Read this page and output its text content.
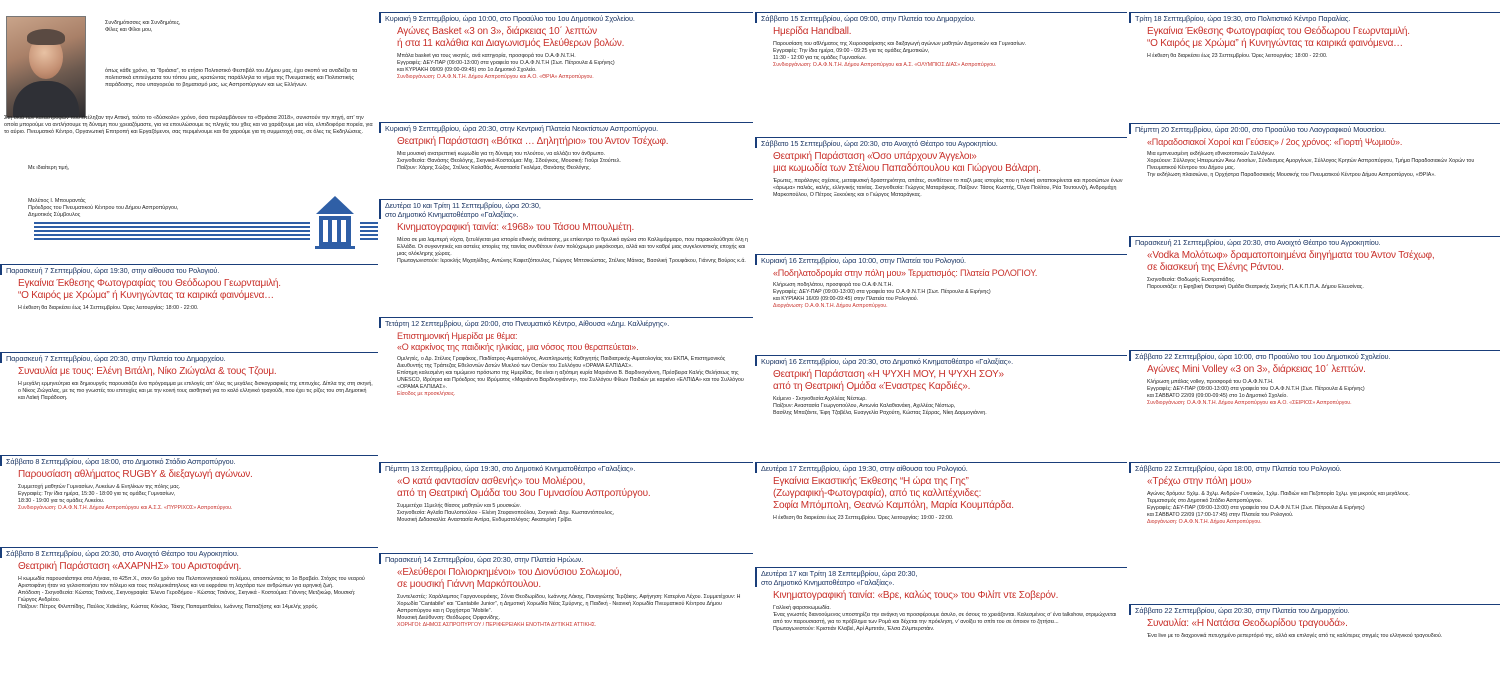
Συνδημότισσες και Συνδημότες,
Φίλες και Φίλοι μου,

όπως κάθε χρόνο, τα “θριάσια”, το ετήσιο Πολιτιστικό Φεστιβάλ του Δήμου μας, έχει σκοπό να αναδείξει τα πολιτιστικά επιτεύγματα του τόπου μας, κρατώντας παράλληλα το νήμα της Πνευματικής και Πολιτιστικής παράδοσης, που υπαγορεύει το βηματισμό μας, ως Ασπροπύργιων και ως Ελλήνων.

Στη σκιά των καταστροφών που επέληξαν την Αττική, τούτο το «δύσκολο» χρόνο, όσα περιλαμβάνουν τα «Θριάσια 2018», συνιστούν την πηγή, απ’ την οποία μπορούμε να αντλήσουμε τη δύναμη που χρειαζόμαστε, για να επουλώσουμε τις πληγές του χθες και να χαράξουμε μια νέα, ελπιδοφόρα πορεία, για το αύριο. Πνευματικό Κέντρο, Οργανωτική Επιτροπή και Εργαζόμενοι, σας περιμένουμε και θα χαρούμε για τη συμμετοχή σας, σε όλες τις Εκδηλώσεις.

Με ιδιαίτερη τιμή,

Μελέτιος Ι. Μπουραντάς
Πρόεδρος του Πνευματικού Κέντρου του Δήμου Ασπροπύργου,
Δημοτικός Σύμβουλος

Παρασκευή 7 Σεπτεμβρίου, ώρα 19:30, στην αίθουσα του Ρολογιού.
Εγκαίνια Έκθεσης Φωτογραφίας του Θεόδωρου Γεωρνταμιλή.
“Ο Καιρός με Χρώμα” ή Κυνηγώντας τα καιρικά φαινόμενα…
Η έκθεση θα διαρκέσει έως 14 Σεπτεμβρίου. Ώρες λειτουργίας: 18:00 - 22:00.
Παρασκευή 7 Σεπτεμβρίου, ώρα 20:30, στην Πλατεία του Δημαρχείου.
Συναυλία με τους: Ελένη Βιτάλη, Νίκο Ζιώγαλα & τους Τζουμ.
Η μεγάλη ερμηνεύτρια και δημιουργός παρουσιάζει ένα πρόγραμμα με επιλογές απ’ όλες τις μεγάλες δισκογραφικές της επιτυχίες. Δίπλα της στη σκηνή, ο Νίκος Ζιώγαλας, με τις πιο γνωστές του επιτυχίες και με την κοινή τους αισθητική για το καλό ελληνικό τραγούδι, που έχει τις ρίζες του στη Δημοτική και Λαϊκή Παράδοση.
Σάββατο 8 Σεπτεμβρίου, ώρα 18:00, στο Δημοτικό Στάδιο Ασπροπύργου.
Παρουσίαση αθλήματος RUGBY & διεξαγωγή αγώνων.
Συμμετοχή μαθητών Γυμνασίων, Λυκείων & Ενηλίκων της πόλης μας.
Εγγραφές: Την ίδια ημέρα, 15:30 - 18:00 για τις ομάδες Γυμνασίων,
18:30 - 19:00 για τις ομάδες Λυκείου.
Συνδιοργάνωση: Ο.Α.Φ.Ν.Τ.Η. Δήμου Ασπροπύργου και Α.Σ.Σ. «ΠΥΡΡΙΧΟΣ» Ασπροπύργου.
Σάββατο 8 Σεπτεμβρίου, ώρα 20:30, στο Ανοιχτό Θέατρο του Αγροκηπίου.
Θεατρική Παράσταση «ΑΧΑΡΝΗΣ» του Αριστοφάνη.
Η κωμωδία παρουσιάστηκε στα Λήναια, το 425π.Χ., στον 6ο χρόνο του Πελοποννησιακού πολέμου, αποσπώντας το 1ο Βραβείο. Στόχος του νεαρού Αριστοφάνη ήταν να γελοιοποιήσει τον πόλεμο και τους πολεμοκάπηλους και να εκφράσει τη λαχτάρα των ανθρώπων για ειρηνική ζωή.
Απόδοση - Σκηνοθεσία: Κώστας Τσιάνος, Σκηνογραφία: Έλενα Γεροδήμου - Κώστας Τσιάνος, Σκηνικά - Κοστούμια: Γιάννης Μετζικώφ, Μουσική: Γιώργος Ανδρέου.
Παίζουν: Πέτρος Φιλιππίδης, Παύλος Χαϊκάλης, Κώστας Κόκλας, Τάκης Παπαματθαίου, Ιωάννης Παπαζήσης και 14μελής χορός.
Κυριακή 9 Σεπτεμβρίου, ώρα 10:00, στο Προαύλιο του 1ου Δημοτικού Σχολείου.
Αγώνες Basket «3 on 3», διάρκειας 10΄ λεπτών
ή στα 11 καλάθια και Διαγωνισμός Ελεύθερων βολών.
Μπάλα basket για τους νικητές, ανά κατηγορία, προσφορά του Ο.Α.Φ.Ν.Τ.Η.
Εγγραφές: ΔΕΥ-ΠΑΡ (09:00-13:00) στα γραφεία του Ο.Α.Φ.Ν.Τ.Η (Σωτ. Πέτρουλα & Ειρήνης)
και ΚΥΡΙΑΚΗ 09/09 (09:00-09:45) στο 1ο Δημοτικό Σχολείο.
Συνδιοργάνωση: Ο.Α.Φ.Ν.Τ.Η. Δήμου Ασπροπύργου και Α.Ο. «ΘΡΙΑ» Ασπροπύργου.
Κυριακή 9 Σεπτεμβρίου, ώρα 20:30, στην Κεντρική Πλατεία Νεοκτίστων Ασπροπύργου.
Θεατρική Παράσταση «Βότκα … Δηλητήριο» του Άντον Τσέχωφ.
Μια μουσική ανατρεπτική κωμωδία για τη δύναμη του πλούτου, να αλλάζει τον άνθρωπο.
Σκηνοθεσία: Θανάσης Θεολόγης, Σκηνικά-Κοστούμια: Μιχ. Σδούγκος, Μουσική: Γιούρι Στούπελ.
Παίζουν: Χάρης Σώζος, Στέλιος Καλαθάς, Αναστασία Γκολέμα, Θανάσης Θεολόγης.
Δευτέρα 10 και Τρίτη 11 Σεπτεμβρίου, ώρα 20:30,
στο Δημοτικό Κινηματοθέατρο «Γαλαξίας».
Κινηματογραφική ταινία: «1968» του Τάσου Μπουλμέτη.
Μέσα σε μια λαμπερή νύχτα, ξετυλίγεται μια ιστορία εθνικής ανάτασης, με επίκεντρο το θρυλικό αγώνα στο Καλλιμάρμαρο, που παρακολούθησε όλη η Ελλάδα. Οι συγκινητικές και αστείες ιστορίες της ταινίας συνθέτουν έναν πολύχρωμο μικρόκοσμο, αλλά και τον καθρέ μιας συγκλονιστικής εποχής και μιας ολόκληρης χώρας.
Πρωταγωνιστούν: Ιεροκλής Μιχαηλίδης, Αντώνης Καφετζόπουλος, Γιώργος Μπτσικώστας, Στέλιος Μάινας, Βασιλική Τρουφάκου, Γιάννης Βούρος κ.ά.
Τετάρτη 12 Σεπτεμβρίου, ώρα 20:00, στο Πνευματικό Κέντρο, Αίθουσα «Δημ. Καλλιέργης».
Επιστημονική Ημερίδα με θέμα:
«Ο καρκίνος της παιδικής ηλικίας, μια νόσος που θεραπεύεται».
Ομιλητές, ο Δρ. Στέλιος Γραφάκος, Παιδίατρος-Αιματολόγος, Αναπληρωτής Καθηγητής Παιδιατρικής-Αιματολογίας του ΕΚΠΑ, Επιστημονικός Διευθυντής της Τράπεζας Εθελοντών Δοτών Μυελού των Οστών του Συλλόγου «ΟΡΑΜΑ ΕΛΠΙΔΑΣ».
Επίσημη καλεσμένη και τιμώμενο πρόσωπο της Ημερίδας, θα είναι η αξιότιμη κυρία Μαριάννα Β. Βαρδινογιάννη, Πρέσβειρα Καλής Θελήσεως της UNESCO, Ιδρύτρια και Πρόεδρος του Ιδρύματος «Μαριάννα Βαρδινογιάννη», του Συλλόγου Φίλων Παιδιών με καρκίνο «ΕΛΠΙΔΑ» και του Συλλόγου «ΟΡΑΜΑ ΕΛΠΙΔΑΣ».
Είσοδος με προσκλήσεις.
Πέμπτη 13 Σεπτεμβρίου, ώρα 19:30, στο Δημοτικό Κινηματοθέατρο «Γαλαξίας».
«Ο κατά φαντασίαν ασθενής» του Μολιέρου,
από τη Θεατρική Ομάδα του 3ου Γυμνασίου Ασπροπύργου.
Συμμετέχει 11μελής θίασος μαθητών και 5 μουσικών.
Σκηνοθεσία: Αγλαΐα Παυλοπούλου - Ελένη Στεφανοπούλου, Σκηνικά: Δημ. Κωσταντόπουλος,
Μουσική Διδασκαλία: Αναστασία Αντίρα, Ενδυματολόγος: Αικατερίνη Γρίβα.
Παρασκευή 14 Σεπτεμβρίου, ώρα 20:30, στην Πλατεία Ηρώων.
«Ελεύθεροι Πολιορκημένοι» του Διονύσιου Σολωμού,
σε μουσική Γιάννη Μαρκόπουλου.
Συντελεστές: Χαράλαμπος Γαργανουράκης, Σόνια Θεοδωρίδου, Ιωάννης Λάκης, Παναγιώτης Τερζάκης. Αφήγηση: Κατερίνα Λέχου. Συμμετέχουν: Η Χορωδία “Cantabile” και “Cantabile Junior”, η Δημοτική Χορωδία Νέας Σμύρνης, η Παιδική - Νεανική Χορωδία Πνευματικού Κέντρου Δήμου Ασπροπύργου και η Ορχήστρα “Mobile”.
Μουσική Διεύθυνση: Θεόδωρος Ορφανίδης.
ΧΟΡΗΓΟΙ: ΔΗΜΟΣ ΑΣΠΡΟΠΥΡΓΟΥ / ΠΕΡΙΦΕΡΕΙΑΚΗ ΕΝΟΤΗΤΑ ΔΥΤΙΚΗΣ ΑΤΤΙΚΗΣ.
Σάββατο 15 Σεπτεμβρίου, ώρα 09:00, στην Πλατεία του Δημαρχείου.
Ημερίδα Handball.
Παρουσίαση του αθλήματος της Χειροσφαίρισης και διεξαγωγή αγώνων μαθητών Δημοτικών και Γυμνασίων.
Εγγραφές: Την ίδια ημέρα, 09:00 - 09:25 για τις ομάδες Δημοτικών,
11:30 - 12:00 για τις ομάδες Γυμνασίων.
Συνδιοργάνωση: Ο.Α.Φ.Ν.Τ.Η. Δήμου Ασπροπύργου και Α.Σ. «ΟΛΥΜΠΙΟΣ ΔΙΑΣ» Ασπροπύργου.
Σάββατο 15 Σεπτεμβρίου, ώρα 20:30, στο Ανοιχτό Θέατρο του Αγροκηπίου.
Θεατρική Παράσταση «Όσο υπάρχουν Άγγελοι»
μια κωμωδία των Στέλιου Παπαδόπουλου και Γιώργου Βάλαρη.
Έρωτες, παράλογες σχέσεις, μεταφυσική δραστηριότητα, απάτες, συνθέτουν το παζλ μιας ιστορίας που η πλοκή ανταποκρίνεται και προσώπων ένων «άρωμα» παλιάς, καλής, ελληνικής ταινίας. Σκηνοθεσία: Γιώργος Ματαράγκας. Παίζουν: Τάσος Κωστής, Όλγα Πολίτου, Ρέα Τουτουνζή, Ανδρομάχη Μαρκοπούλου, Ο Πέτρος Ξεκούκης και ο Γιώργος Ματαράγκας.
Κυριακή 16 Σεπτεμβρίου, ώρα 10:00, στην Πλατεία του Ρολογιού.
«Ποδηλατοδρομία στην πόλη μου» Τερματισμός: Πλατεία ΡΟΛΟΓΙΟΥ.
Κλήρωση ποδηλάτου, προσφορά του Ο.Α.Φ.Ν.Τ.Η.
Εγγραφές: ΔΕΥ-ΠΑΡ (09:00-13:00) στα γραφεία του Ο.Α.Φ.Ν.Τ.Η (Σωτ. Πέτρουλα & Ειρήνης)
και ΚΥΡΙΑΚΗ 16/09 (09:00-09:45) στην Πλατεία του Ρολογιού.
Διοργάνωση: Ο.Α.Φ.Ν.Τ.Η. Δήμου Ασπροπύργου.
Κυριακή 16 Σεπτεμβρίου, ώρα 20:30, στο Δημοτικό Κινηματοθέατρο «Γαλαξίας».
Θεατρική Παράσταση «Η ΨΥΧΗ ΜΟΥ, Η ΨΥΧΗ ΣΟΥ»
από τη Θεατρική Ομάδα «Έναστρες Καρδιές».
Κείμενο - Σκηνοθεσία:Αχιλλέας Νέστωρ.
Παίζουν: Αναστασία Γεωργοπούλου, Αντωνία Καλαθιανάκη, Αχιλλέας Νέστωρ,
Βασίλης Μπαζάντε, Έφη Τζαβέλα, Ευαγγελία Ραχούτη, Κώστας Σέρρας, Νίκη Δαρμογιάννη.
Δευτέρα 17 Σεπτεμβρίου, ώρα 19:30, στην αίθουσα του Ρολογιού.
Εγκαίνια Εικαστικής Έκθεσης “Η ώρα της Γης”
(Ζωγραφική-Φωτογραφία), από τις καλλιτέχνιδες:
Σοφία Μπόμπολη, Θεανώ Καμπόλη, Μαρία Κουμπάρδα.
Η έκθεση θα διαρκέσει έως 23 Σεπτεμβρίου. Ώρες λειτουργίας: 19:00 - 22:00.
Δευτέρα 17 και Τρίτη 18 Σεπτεμβρίου, ώρα 20:30,
στο Δημοτικό Κινηματοθέατρο «Γαλαξίας».
Κινηματογραφική ταινία: «Βρε, καλώς τους» του Φιλίπ ντε Σοβερόν.
Γαλλική φαρσοκωμωδία.
Ένας γνωστός διανοούμενος υποστηρίζει την ανάγκη να προσφέρουμε άσυλο, σε όσους το χρειάζονται. Καλεσμένος σ’ ένα talkshow, στριμώχνεται από τον παρουσιαστή, για το πρόβλημα των Ρομά και δέχεται την πρόκληση, ν’ ανοίξει το σπίτι του σε όποιον το ζητήσει...
Πρωταγωνιστούν: Κριστιάν Κλαβιέ, Αρί Αμπιτάν, Έλσα Ζιλμπερστάιν.
Τρίτη 18 Σεπτεμβρίου, ώρα 19:30, στο Πολιτιστικό Κέντρο Παραλίας.
Εγκαίνια Έκθεσης Φωτογραφίας του Θεόδωρου Γεωρνταμιλή.
“Ο Καιρός με Χρώμα” ή Κυνηγώντας τα καιρικά φαινόμενα…
Η έκθεση θα διαρκέσει έως 23 Σεπτεμβρίου. Ώρες λειτουργίας: 18:00 - 22:00.
Πέμπτη 20 Σεπτεμβρίου, ώρα 20:00, στο Προαύλιο του Λαογραφικού Μουσείου.
«Παραδοσιακοί Χοροί και Γεύσεις» / 2ος χρόνος: «Γιορτή Ψωμιού».
Μια εμπνευσμένη εκδήλωση εθνικοτοπικών Συλλόγων.
Χορεύουν: Σύλλογος Ηπειρωτών Άνω Λιοσίων, Σύνδεσμος Αμοργίνων, Σύλλογος Κρητών Ασπροπύργου, Τμήμα Παραδοσιακών Χορών του Πνευματικού Κέντρου του Δήμου μας.
Την εκδήλωση πλαισιώνει, η Ορχήστρα Παραδοσιακής Μουσικής του Πνευματικού Κέντρου Δήμου Ασπροπύργου, «ΘΡΙΑ».
Παρασκευή 21 Σεπτεμβρίου, ώρα 20:30, στο Ανοιχτό Θέατρο του Αγροκηπίου.
«Vodka Μολότωφ» δραματοποιημένα διηγήματα του Άντον Τσέχωφ,
σε διασκευή της Ελένης Ράντου.
Σκηνοθεσία: Θοδωρής Ευστρατιάδης.
Παρουσιάζει: η Εφηβική Θεατρική Ομάδα Θεατρικής Σκηνής Π.Α.Κ.Π.Π.Α. Δήμου Ελευσίνας.
Σάββατο 22 Σεπτεμβρίου, ώρα 10:00, στο Προαύλιο του 1ου Δημοτικού Σχολείου.
Αγώνες Mini Volley «3 on 3», διάρκειας 10΄ λεπτών.
Κλήρωση μπάλας volley, προσφορά του Ο.Α.Φ.Ν.Τ.Η.
Εγγραφές: ΔΕΥ-ΠΑΡ (09:00-13:00) στα γραφεία του Ο.Α.Φ.Ν.Τ.Η (Σωτ. Πέτρουλα & Ειρήνης)
και ΣΑΒΒΑΤΟ 22/09 (09:00-09:45) στο 1ο Δημοτικό Σχολείο.
Συνδιοργάνωση: Ο.Α.Φ.Ν.Τ.Η. Δήμου Ασπροπύργου και Α.Ο. «ΣΕΙΡΙΟΣ» Ασπροπύργου.
Σάββατο 22 Σεπτεμβρίου, ώρα 18:00, στην Πλατεία του Ρολογιού.
«Τρέχω στην πόλη μου»
Αγώνες δρόμου: 5χλμ. & 3χλμ. Ανδρών-Γυναικών, 1χλμ. Παιδιών και Πεζοπορία 1χλμ. για μικρούς και μεγάλους.
Τερματισμός στο Δημοτικό Στάδιο Ασπροπύργου.
Εγγραφές: ΔΕΥ-ΠΑΡ (09:00-13:00) στα γραφεία του Ο.Α.Φ.Ν.Τ.Η (Σωτ. Πέτρουλα & Ειρήνης)
και ΣΑΒΒΑΤΟ 22/09 (17:00-17:45) στην Πλατεία του Ρολογιού.
Διοργάνωση: Ο.Α.Φ.Ν.Τ.Η. Δήμου Ασπροπύργου.
Σάββατο 22 Σεπτεμβρίου, ώρα 20:30, στην Πλατεία του Δημαρχείου.
Συναυλία: «Η Νατάσα Θεοδωρίδου τραγουδά».
Ένα live με το διαχρονικά πετυχημένο ρεπερτόριό της, αλλά και επιλογές από τις καλύτερες στιγμές του ελληνικού τραγουδιού.
